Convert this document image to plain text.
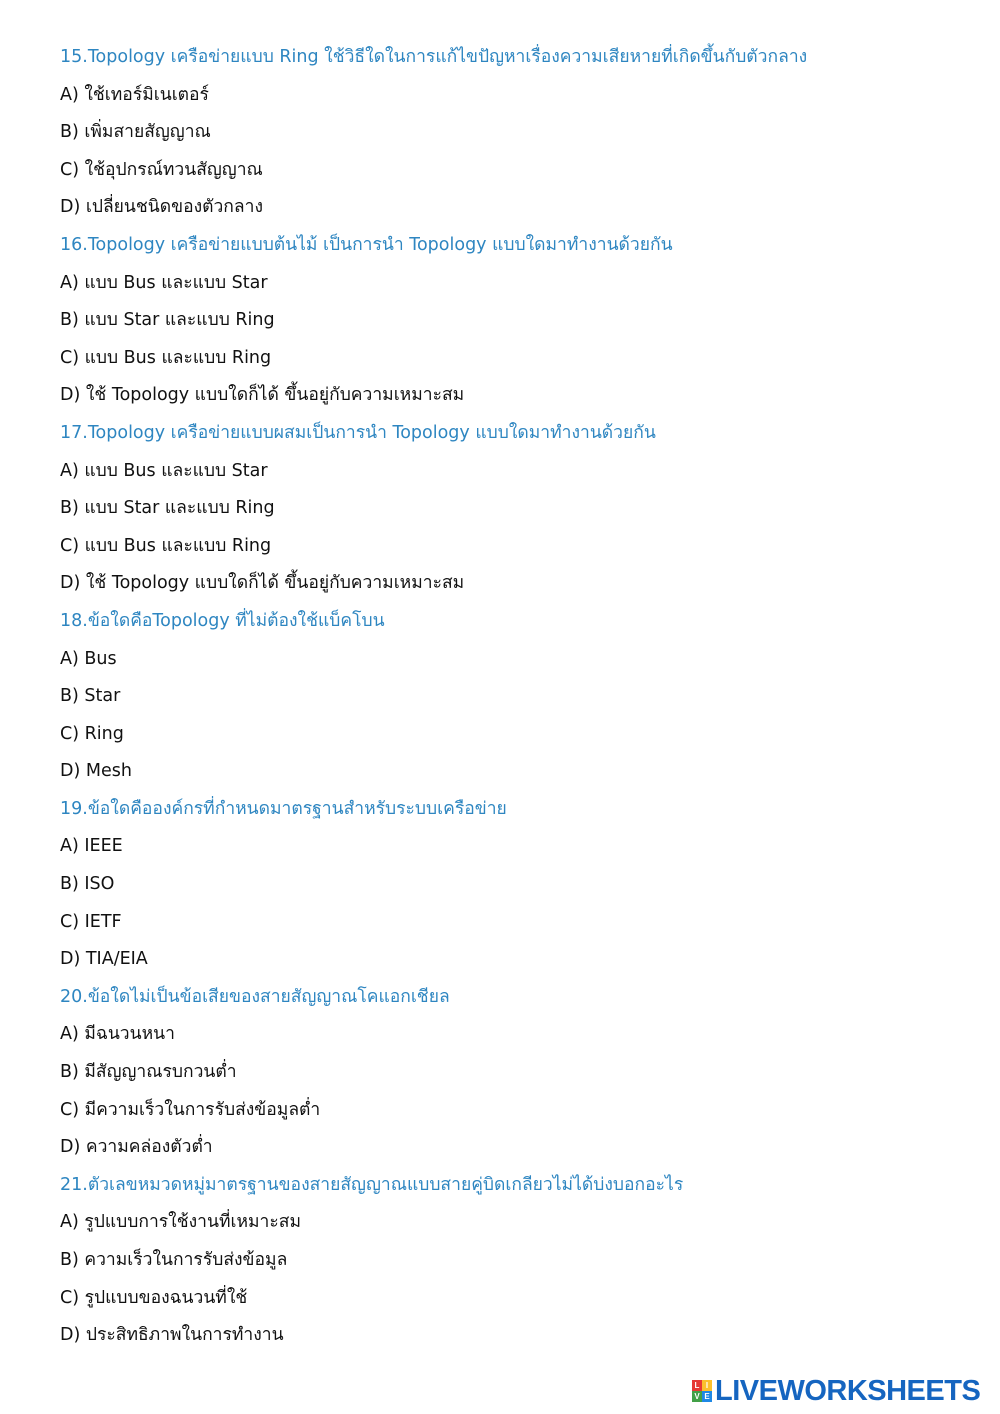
15.Topology เครือข่ายแบบ Ring ใช้วิธีใดในการแก้ไขปัญหาเรื่องความเสียหายที่เกิดขึ้นกับตัวกลาง
A) ใช้เทอร์มิเนเตอร์
B) เพิ่มสายสัญญาณ
C) ใช้อุปกรณ์ทวนสัญญาณ
D) เปลี่ยนชนิดของตัวกลาง
16.Topology เครือข่ายแบบต้นไม้ เป็นการนำ Topology แบบใดมาทำงานด้วยกัน
A) แบบ Bus และแบบ Star
B) แบบ Star และแบบ Ring
C) แบบ Bus และแบบ Ring
D) ใช้ Topology แบบใดก็ได้ ขึ้นอยู่กับความเหมาะสม
17.Topology เครือข่ายแบบผสมเป็นการนำ Topology แบบใดมาทำงานด้วยกัน
A) แบบ Bus และแบบ Star
B) แบบ Star และแบบ Ring
C) แบบ Bus และแบบ Ring
D) ใช้ Topology แบบใดก็ได้ ขึ้นอยู่กับความเหมาะสม
18.ข้อใดคือTopology ที่ไม่ต้องใช้แบ็คโบน
A) Bus
B) Star
C) Ring
D) Mesh
19.ข้อใดคือองค์กรที่กำหนดมาตรฐานสำหรับระบบเครือข่าย
A) IEEE
B) ISO
C) IETF
D) TIA/EIA
20.ข้อใดไม่เป็นข้อเสียของสายสัญญาณโคแอกเชียล
A) มีฉนวนหนา
B) มีสัญญาณรบกวนต่ำ
C) มีความเร็วในการรับส่งข้อมูลต่ำ
D) ความคล่องตัวต่ำ
21.ตัวเลขหมวดหมู่มาตรฐานของสายสัญญาณแบบสายคู่บิดเกลียวไม่ได้บ่งบอกอะไร
A) รูปแบบการใช้งานที่เหมาะสม
B) ความเร็วในการรับส่งข้อมูล
C) รูปแบบของฉนวนที่ใช้
D) ประสิทธิภาพในการทำงาน
L I
V E LIVEWORKSHEETS
